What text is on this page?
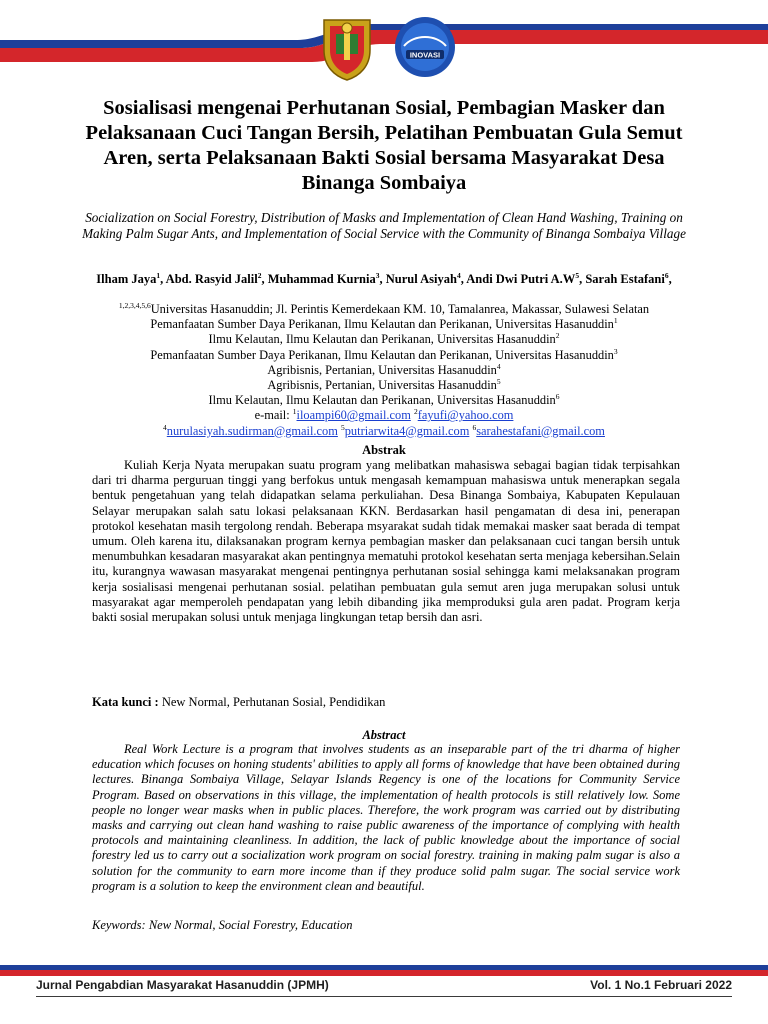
INOVASI
Sosialisasi mengenai Perhutanan Sosial, Pembagian Masker dan Pelaksanaan Cuci Tangan Bersih, Pelatihan Pembuatan Gula Semut Aren, serta Pelaksanaan Bakti Sosial bersama Masyarakat Desa Binanga Sombaiya
Socialization on Social Forestry, Distribution of Masks and Implementation of Clean Hand Washing, Training on Making Palm Sugar Ants, and Implementation of Social Service with the Community of Binanga Sombaiya Village
Ilham Jaya$^1$, Abd. Rasyid Jalil$^2$, Muhammad Kurnia$^3$, Nurul Asiyah$^4$, Andi Dwi Putri $A.W^5$, Sarah Estafani$^6$,
$^{1,2,3,4,5,6}$Universitas Hasanuddin; Jl. Perintis Kemerdekaan KM. 10, Tamalanrea, Makassar, Sulawesi Selatan
Pemanfaatan Sumber Daya Perikanan, Ilmu Kelautan dan Perikanan, Universitas Hasanuddin$^1$
Ilmu Kelautan, Ilmu Kelautan dan Perikanan, Universitas Hasanuddin$^2$
Pemanfaatan Sumber Daya Perikanan, Ilmu Kelautan dan Perikanan, Universitas Hasanuddin$^3$
Agribisnis, Pertanian, Universitas Hasanuddin$^4$
Agribisnis, Pertanian, Universitas Hasanuddin$^5$
Ilmu Kelautan, Ilmu Kelautan dan Perikanan, Universitas Hasanuddin$^6$
e-mail: $^1$iloampi60@gmail.com $^2$fayufi@yahoo.com
$^4$nurulasiyah.sudirman@gmail.com $^5$putriarwita4@gmail.com $^6$sarahestafani@gmail.com
Abstrak

Kuliah Kerja Nyata merupakan suatu program yang melibatkan mahasiswa sebagai bagian tidak terpisahkan dari tri dharma perguruan tinggi yang berfokus untuk mengasah kemampuan mahasiswa untuk menerapkan segala bentuk pengetahuan yang telah didapatkan selama perkuliahan. Desa Binanga Sombaiya, Kabupaten Kepulauan Selayar merupakan salah satu lokasi pelaksanaan KKN. Berdasarkan hasil pengamatan di desa ini, penerapan protokol kesehatan masih tergolong rendah. Beberapa msyarakat sudah tidak memakai masker saat berada di tempat umum. Oleh karena itu, dilaksanakan program kernya pembagian masker dan pelaksanaan cuci tangan bersih untuk menumbuhkan kesadaran masyarakat akan pentingnya mematuhi protokol kesehatan serta menjaga kebersihan.Selain itu, kurangnya wawasan masyarakat mengenai pentingnya perhutanan sosial sehingga kami melaksanakan program kerja sosialisasi mengenai perhutanan sosial. pelatihan pembuatan gula semut aren juga merupakan solusi untuk masyarakat agar memperoleh pendapatan yang lebih dibanding jika memproduksi gula aren padat. Program kerja bakti sosial merupakan solusi untuk menjaga lingkungan tetap bersih dan asri.

Kata kunci : New Normal, Perhutanan Sosial, Pendidikan
Abstract

Real Work Lecture is a program that involves students as an inseparable part of the tri dharma of higher education which focuses on honing students' abilities to apply all forms of knowledge that have been obtained during lectures. Binanga Sombaiya Village, Selayar Islands Regency is one of the locations for Community Service Program. Based on observations in this village, the implementation of health protocols is still relatively low. Some people no longer wear masks when in public places. Therefore, the work program was carried out by distributing masks and carrying out clean hand washing to raise public awareness of the importance of complying with health protocols and maintaining cleanliness. In addition, the lack of public knowledge about the importance of social forestry led us to carry out a socialization work program on social forestry. training in making palm sugar is also a solution for the community to earn more income than if they produce solid palm sugar. The social service work program is a solution to keep the environment clean and beautiful.

Keywords: New Normal, Social Forestry, Education
Jurnal Pengabdian Masyarakat Hasanuddin (JPMH)	Vol. 1 No.1 Februari 2022
